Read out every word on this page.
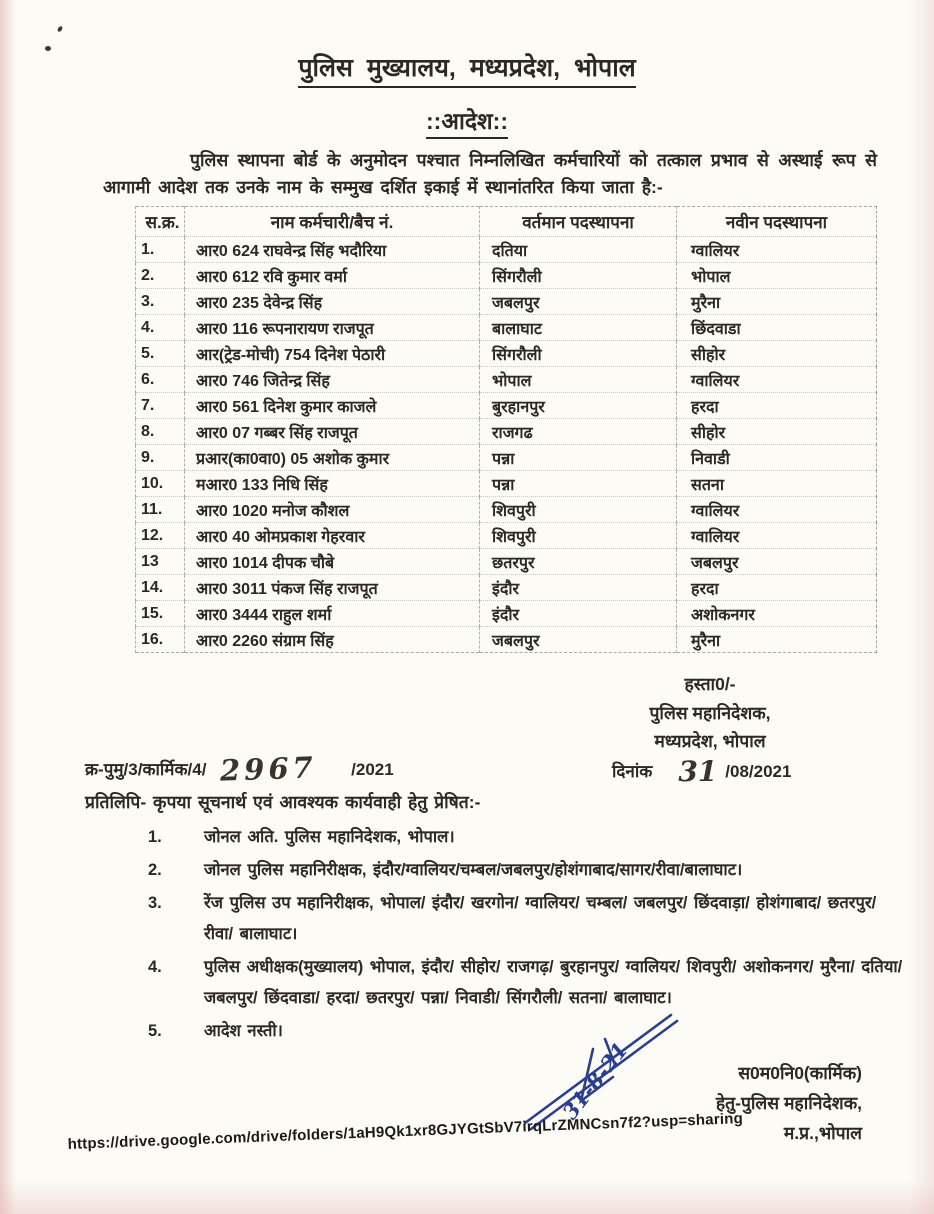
पुलिस मुख्यालय, मध्यप्रदेश, भोपाल
::आदेश::

पुलिस स्थापना बोर्ड के अनुमोदन पश्चात निम्नलिखित कर्मचारियों को तत्काल प्रभाव से अस्थाई रूप से आगामी आदेश तक उनके नाम के सम्मुख दर्शित इकाई में स्थानांतरित किया जाता है:-

स.क्र.	नाम कर्मचारी/बैच नं.	वर्तमान पदस्थापना	नवीन पदस्थापना
1.	आर0 624 राघवेन्द्र सिंह भदौरिया	दतिया	ग्वालियर
2.	आर0 612 रवि कुमार वर्मा	सिंगरौली	भोपाल
3.	आर0 235 देवेन्द्र सिंह	जबलपुर	मुरैना
4.	आर0 116 रूपनारायण राजपूत	बालाघाट	छिंदवाडा
5.	आर(ट्रेड-मोची) 754 दिनेश पेठारी	सिंगरौली	सीहोर
6.	आर0 746 जितेन्द्र सिंह	भोपाल	ग्वालियर
7.	आर0 561 दिनेश कुमार काजले	बुरहानपुर	हरदा
8.	आर0 07 गब्बर सिंह राजपूत	राजगढ	सीहोर
9.	प्रआर(का0वा0) 05 अशोक कुमार	पन्ना	निवाडी
10.	मआर0 133 निधि सिंह	पन्ना	सतना
11.	आर0 1020 मनोज कौशल	शिवपुरी	ग्वालियर
12.	आर0 40 ओमप्रकाश गेहरवार	शिवपुरी	ग्वालियर
13	आर0 1014 दीपक चौबे	छतरपुर	जबलपुर
14.	आर0 3011 पंकज सिंह राजपूत	इंदौर	हरदा
15.	आर0 3444 राहुल शर्मा	इंदौर	अशोकनगर
16.	आर0 2260 संग्राम सिंह	जबलपुर	मुरैना
हस्ता0/-
पुलिस महानिदेशक,
मध्यप्रदेश, भोपाल
क्र-पुमु/3/कार्मिक/4/ 2967 /2021	दिनांक 31 /08/2021
प्रतिलिपि- कृपया सूचनार्थ एवं आवश्यक कार्यवाही हेतु प्रेषित:-
1.	जोनल अति. पुलिस महानिदेशक, भोपाल।
2.	जोनल पुलिस महानिरीक्षक, इंदौर/ग्वालियर/चम्बल/जबलपुर/होशंगाबाद/सागर/रीवा/बालाघाट।
3.	रेंज पुलिस उप महानिरीक्षक, भोपाल/ इंदौर/ खरगोन/ ग्वालियर/ चम्बल/ जबलपुर/ छिंदवाड़ा/ होशंगाबाद/ छतरपुर/ रीवा/ बालाघाट।
4.	पुलिस अधीक्षक(मुख्यालय) भोपाल, इंदौर/ सीहोर/ राजगढ़/ बुरहानपुर/ ग्वालियर/ शिवपुरी/ अशोकनगर/ मुरैना/ दतिया/ जबलपुर/ छिंदवाडा/ हरदा/ छतरपुर/ पन्ना/ निवाडी/ सिंगरौली/ सतना/ बालाघाट।
5.	आदेश नस्ती।
31-8-21	स0म0नि0(कार्मिक)
हेतु-पुलिस महानिदेशक,
म.प्र.,भोपाल
https://drive.google.com/drive/folders/1aH9Qk1xr8GJYGtSbV7irqLrZMNCsn7f2?usp=sharing
